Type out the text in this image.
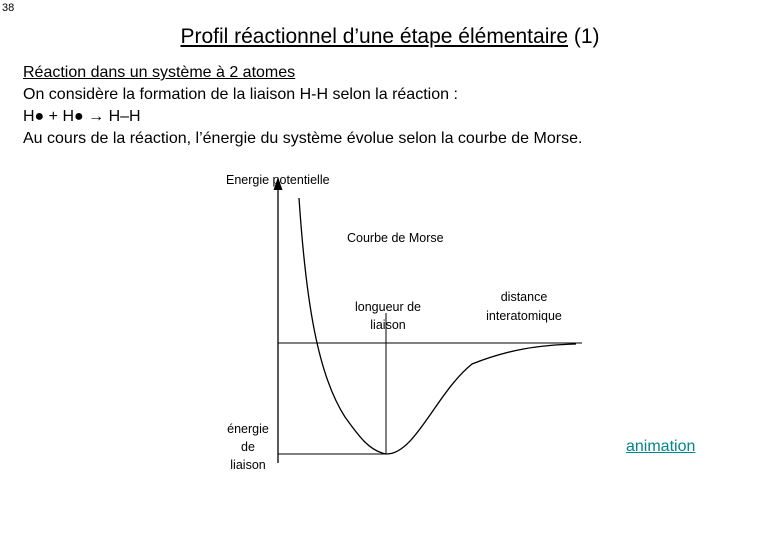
38
Profil réactionnel d’une étape élémentaire (1)
Réaction dans un système à 2 atomes
On considère la formation de la liaison H-H selon la réaction :
H● + H● → H–H
Au cours de la réaction, l’énergie du système évolue selon la courbe de Morse.
Energie potentielle
Courbe de Morse
longueur de
liaison
distance
interatomique
énergie
de
liaison
animation
